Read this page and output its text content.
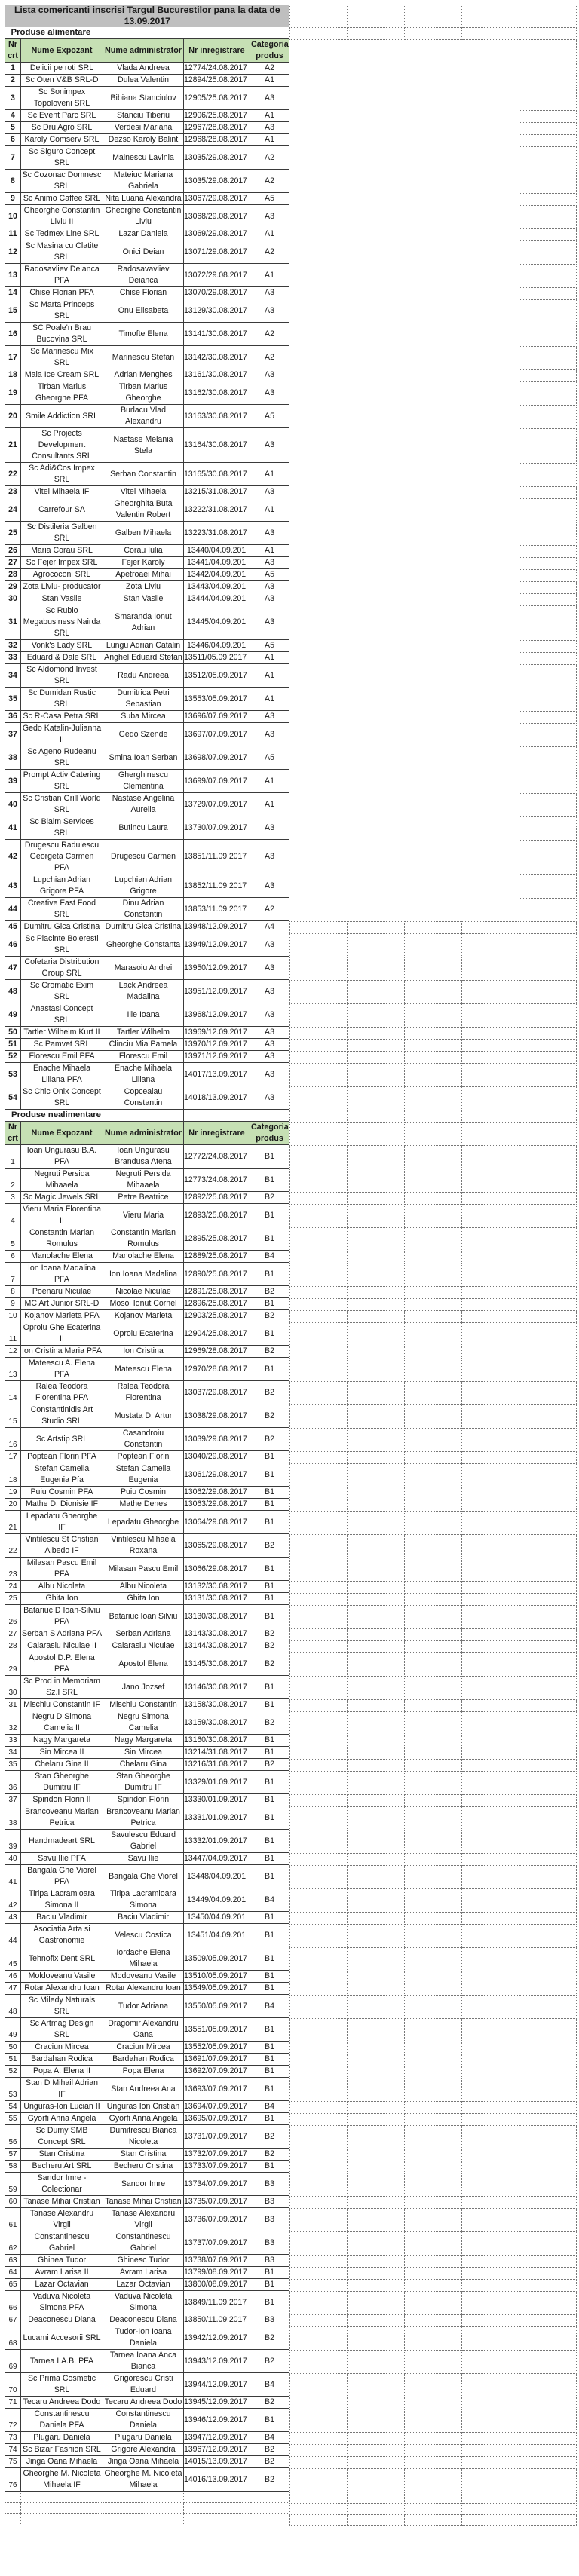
Lista comericanti inscrisi Targul Bucurestilor pana la data de
13.09.2017				

Produse alimentare				
Nr crt	Nume Expozant	Nume administrator	Nr inregistrare	Categoria produs
1	Delicii pe roti SRL	Vlada Andreea	12774/24.08.2017	A2
2	Sc Oten V&B SRL-D	Dulea Valentin	12894/25.08.2017	A1
3	Sc Sonimpex Topoloveni SRL	Bibiana Stanciulov	12905/25.08.2017	A3
4	Sc Event Parc SRL	Stanciu Tiberiu	12906/25.08.2017	A1
5	Sc Dru Agro SRL	Verdesi Mariana	12967/28.08.2017	A3
6	Karoly Comserv SRL	Dezso Karoly Balint	12968/28.08.2017	A1
7	Sc Siguro Concept SRL	Mainescu Lavinia	13035/29.08.2017	A2
8	Sc Cozonac Domnesc SRL	Mateiuc Mariana Gabriela	13035/29.08.2017	A2
9	Sc Animo Caffee SRL	Nita Luana Alexandra	13067/29.08.2017	A5
10	Gheorghe Constantin Liviu II	Gheorghe Constantin Liviu	13068/29.08.2017	A3
11	Sc Tedmex Line SRL	Lazar Daniela	13069/29.08.2017	A1
12	Sc Masina cu Clatite SRL	Onici Deian	13071/29.08.2017	A2
13	Radosavliev Deianca PFA	Radosavavliev Deianca	13072/29.08.2017	A1
14	Chise Florian PFA	Chise Florian	13070/29.08.2017	A3
15	Sc Marta Princeps SRL	Onu Elisabeta	13129/30.08.2017	A3
16	SC Poale'n Brau Bucovina SRL	Timofte Elena	13141/30.08.2017	A2
17	Sc Marinescu Mix SRL	Marinescu Stefan	13142/30.08.2017	A2
18	Maia Ice Cream SRL	Adrian Menghes	13161/30.08.2017	A3
19	Tirban Marius Gheorghe PFA	Tirban Marius Gheorghe	13162/30.08.2017	A3
20	Smile Addiction SRL	Burlacu Vlad Alexandru	13163/30.08.2017	A5
21	Sc Projects Development Consultants SRL	Nastase Melania Stela	13164/30.08.2017	A3
22	Sc Adi&Cos Impex SRL	Serban Constantin	13165/30.08.2017	A1
23	Vitel Mihaela IF	Vitel Mihaela	13215/31.08.2017	A3
24	Carrefour SA	Gheorghita Buta Valentin Robert	13222/31.08.2017	A1
25	Sc Distileria Galben SRL	Galben Mihaela	13223/31.08.2017	A3
26	Maria Corau SRL	Corau Iulia	13440/04.09.201	A1
27	Sc Fejer Impex SRL	Fejer Karoly	13441/04.09.201	A3
28	Agrococoni SRL	Apetroaei Mihai	13442/04.09.201	A5
29	Zota Liviu- producator	Zota Liviu	13443/04.09.201	A3
30	Stan Vasile	Stan Vasile	13444/04.09.201	A3
31	Sc Rubio Megabusiness Nairda SRL	Smaranda Ionut Adrian	13445/04.09.201	A3
32	Vonk's Lady SRL	Lungu Adrian Catalin	13446/04.09.201	A5
33	Eduard & Dale SRL	Anghel Eduard Stefan	13511/05.09.2017	A1
34	Sc Aldomond Invest SRL	Radu Andreea	13512/05.09.2017	A1
35	Sc Dumidan Rustic SRL	Dumitrica Petri Sebastian	13553/05.09.2017	A1
36	Sc R-Casa Petra SRL	Suba Mircea	13696/07.09.2017	A3
37	Gedo Katalin-Julianna II	Gedo Szende	13697/07.09.2017	A3
38	Sc Ageno Rudeanu SRL	Smina Ioan Serban	13698/07.09.2017	A5
39	Prompt Activ Catering SRL	Gherghinescu Clementina	13699/07.09.2017	A1
40	Sc Cristian Grill World SRL	Nastase Angelina Aurelia	13729/07.09.2017	A1
41	Sc Bialm Services SRL	Butincu Laura	13730/07.09.2017	A3
42	Drugescu Radulescu Georgeta Carmen PFA	Drugescu Carmen	13851/11.09.2017	A3
43	Lupchian Adrian Grigore PFA	Lupchian Adrian Grigore	13852/11.09.2017	A3
44	Creative Fast Food SRL	Dinu Adrian Constantin	13853/11.09.2017	A2
45	Dumitru Gica Cristina	Dumitru Gica Cristina	13948/12.09.2017	A4
46	Sc Placinte Boieresti SRL	Gheorghe Constanta	13949/12.09.2017	A3
47	Cofetaria Distribution Group SRL	Marasoiu Andrei	13950/12.09.2017	A3
48	Sc Cromatic Exim SRL	Lack Andreea Madalina	13951/12.09.2017	A3
49	Anastasi Concept SRL	Ilie Ioana	13968/12.09.2017	A3
50	Tartler Wilhelm Kurt II	Tartler Wilhelm	13969/12.09.2017	A3
51	Sc Pamvet SRL	Clinciu Mia Pamela	13970/12.09.2017	A3
52	Florescu Emil PFA	Florescu Emil	13971/12.09.2017	A3
53	Enache Mihaela Liliana PFA	Enache Mihaela Liliana	14017/13.09.2017	A3
54	Sc Chic Onix Concept SRL	Copcealau Constantin	14018/13.09.2017	A3
Produse nealimentare				
Nr crt	Nume Expozant	Nume administrator	Nr inregistrare	Categoria produs
1	Ioan Ungurasu B.A. PFA	Ioan Ungurasu Brandusa Atena	12772/24.08.2017	B1
2	Negruti Persida Mihaaela	Negruti Persida Mihaaela	12773/24.08.2017	B1
3	Sc Magic Jewels SRL	Petre Beatrice	12892/25.08.2017	B2
4	Vieru Maria Florentina II	Vieru Maria	12893/25.08.2017	B1
5	Constantin Marian Romulus	Constantin Marian Romulus	12895/25.08.2017	B1
6	Manolache Elena	Manolache Elena	12889/25.08.2017	B4
7	Ion Ioana Madalina PFA	Ion Ioana Madalina	12890/25.08.2017	B1
8	Poenaru Niculae	Nicolae Niculae	12891/25.08.2017	B2
9	MC Art Junior SRL-D	Mosoi Ionut Cornel	12896/25.08.2017	B1
10	Kojanov Marieta PFA	Kojanov Marieta	12903/25.08.2017	B2
11	Oproiu Ghe Ecaterina II	Oproiu Ecaterina	12904/25.08.2017	B1
12	Ion Cristina Maria PFA	Ion Cristina	12969/28.08.2017	B2
13	Mateescu A. Elena PFA	Mateescu Elena	12970/28.08.2017	B1
14	Ralea Teodora Florentina PFA	Ralea Teodora Florentina	13037/29.08.2017	B2
15	Constantinidis Art Studio SRL	Mustata D. Artur	13038/29.08.2017	B2
16	Sc Artstip SRL	Casandroiu Constantin	13039/29.08.2017	B2
17	Poptean Florin PFA	Poptean Florin	13040/29.08.2017	B1
18	Stefan Camelia Eugenia Pfa	Stefan Camelia Eugenia	13061/29.08.2017	B1
19	Puiu Cosmin PFA	Puiu Cosmin	13062/29.08.2017	B1
20	Mathe D. Dionisie IF	Mathe Denes	13063/29.08.2017	B1
21	Lepadatu Gheorghe IF	Lepadatu Gheorghe	13064/29.08.2017	B1
22	Vintilescu St Cristian Albedo IF	Vintilescu Mihaela Roxana	13065/29.08.2017	B2
23	Milasan Pascu Emil PFA	Milasan Pascu Emil	13066/29.08.2017	B1
24	Albu Nicoleta	Albu Nicoleta	13132/30.08.2017	B1
25	Ghita Ion	Ghita Ion	13131/30.08.2017	B1
26	Batariuc D Ioan-Silviu PFA	Batariuc Ioan Silviu	13130/30.08.2017	B1
27	Serban S Adriana PFA	Serban Adriana	13143/30.08.2017	B2
28	Calarasiu Niculae II	Calarasiu Niculae	13144/30.08.2017	B2
29	Apostol D.P. Elena PFA	Apostol Elena	13145/30.08.2017	B2
30	Sc Prod in Memoriam Sz.I SRL	Jano Jozsef	13146/30.08.2017	B1
31	Mischiu Constantin IF	Mischiu Constantin	13158/30.08.2017	B1
32	Negru D Simona Camelia II	Negru Simona Camelia	13159/30.08.2017	B2
33	Nagy Margareta	Nagy Margareta	13160/30.08.2017	B1
34	Sin Mircea II	Sin Mircea	13214/31.08.2017	B1
35	Chelaru Gina II	Chelaru Gina	13216/31.08.2017	B2
36	Stan Gheorghe Dumitru IF	Stan Gheorghe Dumitru IF	13329/01.09.2017	B1
37	Spiridon Florin II	Spiridon Florin	13330/01.09.2017	B1
38	Brancoveanu Marian Petrica	Brancoveanu Marian Petrica	13331/01.09.2017	B1
39	Handmadeart SRL	Savulescu Eduard Gabriel	13332/01.09.2017	B1
40	Savu Ilie PFA	Savu Ilie	13447/04.09.2017	B1
41	Bangala Ghe Viorel PFA	Bangala Ghe Viorel	13448/04.09.201	B1
42	Tiripa Lacramioara Simona II	Tiripa Lacramioara Simona	13449/04.09.201	B4
43	Baciu Vladimir	Baciu Vladimir	13450/04.09.201	B1
44	Asociatia Arta si Gastronomie	Velescu Costica	13451/04.09.201	B1
45	Tehnofix Dent SRL	Iordache Elena Mihaela	13509/05.09.2017	B1
46	Moldoveanu Vasile	Modoveanu Vasile	13510/05.09.2017	B1
47	Rotar Alexandru Ioan	Rotar Alexandru Ioan	13549/05.09.2017	B1
48	Sc Miledy Naturals SRL	Tudor Adriana	13550/05.09.2017	B4
49	Sc Artmag Design SRL	Dragomir Alexandru Oana	13551/05.09.2017	B1
50	Craciun Mircea	Craciun Mircea	13552/05.09.2017	B1
51	Bardahan Rodica	Bardahan Rodica	13691/07.09.2017	B1
52	Popa A. Elena II	Popa Elena	13692/07.09.2017	B1
53	Stan D Mihail Adrian IF	Stan Andreea Ana	13693/07.09.2017	B1
54	Unguras-Ion Lucian II	Unguras Ion Cristian	13694/07.09.2017	B4
55	Gyorfi Anna Angela	Gyorfi Anna Angela	13695/07.09.2017	B1
56	Sc Dumy SMB Concept SRL	Dumitrescu Bianca Nicoleta	13731/07.09.2017	B2
57	Stan Cristina	Stan Cristina	13732/07.09.2017	B2
58	Becheru Art SRL	Becheru Cristina	13733/07.09.2017	B1
59	Sandor Imre - Colectionar	Sandor Imre	13734/07.09.2017	B3
60	Tanase Mihai Cristian	Tanase Mihai Cristian	13735/07.09.2017	B3
61	Tanase Alexandru Virgil	Tanase Alexandru Virgil	13736/07.09.2017	B3
62	Constantinescu Gabriel	Constantinescu Gabriel	13737/07.09.2017	B3
63	Ghinea Tudor	Ghinesc Tudor	13738/07.09.2017	B3
64	Avram Larisa II	Avram Larisa	13799/08.09.2017	B1
65	Lazar Octavian	Lazar Octavian	13800/08.09.2017	B1
66	Vaduva Nicoleta Simona PFA	Vaduva Nicoleta Simona	13849/11.09.2017	B1
67	Deaconescu Diana	Deaconescu Diana	13850/11.09.2017	B3
68	Lucami Accesorii SRL	Tudor-Ion Ioana Daniela	13942/12.09.2017	B2
69	Tarnea I.A.B. PFA	Tarnea Ioana Anca Bianca	13943/12.09.2017	B2
70	Sc Prima Cosmetic SRL	Grigorescu Cristi Eduard	13944/12.09.2017	B4
71	Tecaru Andreea Dodo	Tecaru Andreea Dodo	13945/12.09.2017	B2
72	Constantinescu Daniela PFA	Constantinescu Daniela	13946/12.09.2017	B1
73	Plugaru Daniela	Plugaru Daniela	13947/12.09.2017	B4
74	Sc Bizar Fashion SRL	Grigore Alexandra	13967/12.09.2017	B2
75	Jinga Oana Mihaela	Jinga Oana Mihaela	14015/13.09.2017	B2
76	Gheorghe M. Nicoleta Mihaela IF	Gheorghe M. Nicoleta Mihaela	14016/13.09.2017	B2
